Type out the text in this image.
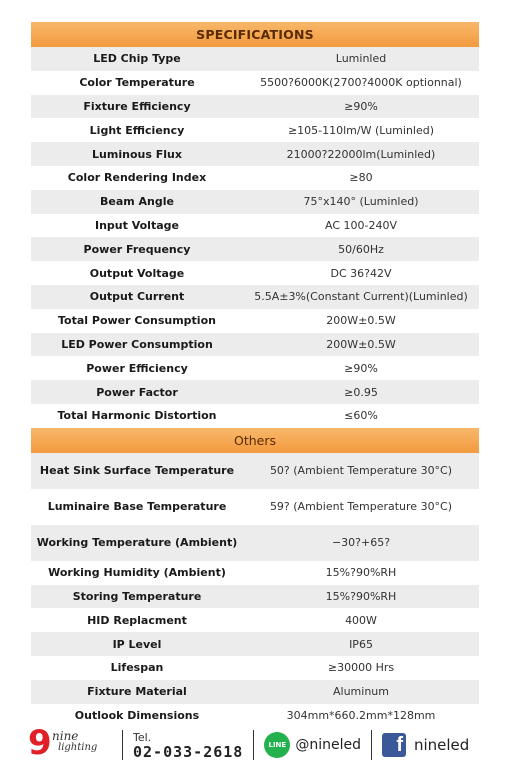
SPECIFICATIONS
LED Chip Type	Luminled
Color Temperature	5500?6000K(2700?4000K optionnal)
Fixture Efficiency	≥90%
Light Efficiency	≥105-110lm/W (Luminled)
Luminous Flux	21000?22000lm(Luminled)
Color Rendering Index	≥80
Beam Angle	75°x140° (Luminled)
Input Voltage	AC 100-240V
Power Frequency	50/60Hz
Output Voltage	DC 36?42V
Output Current	5.5A±3%(Constant Current)(Luminled)
Total Power Consumption	200W±0.5W
LED Power Consumption	200W±0.5W
Power Efficiency	≥90%
Power Factor	≥0.95
Total Harmonic Distortion	≤60%
Others
Heat Sink Surface Temperature	50? (Ambient Temperature 30°C)
Luminaire Base Temperature	59? (Ambient Temperature 30°C)
Working Temperature (Ambient)	−30?+65?
Working Humidity (Ambient)	15%?90%RH
Storing Temperature	15%?90%RH
HID Replacment	400W
IP Level	IP65
Lifespan	≥30000 Hrs
Fixture Material	Aluminum
Outlook Dimensions	304mm*660.2mm*128mm
9 nine
lighting
Tel.
02-033-2618	LINE @nineled	f nineled
